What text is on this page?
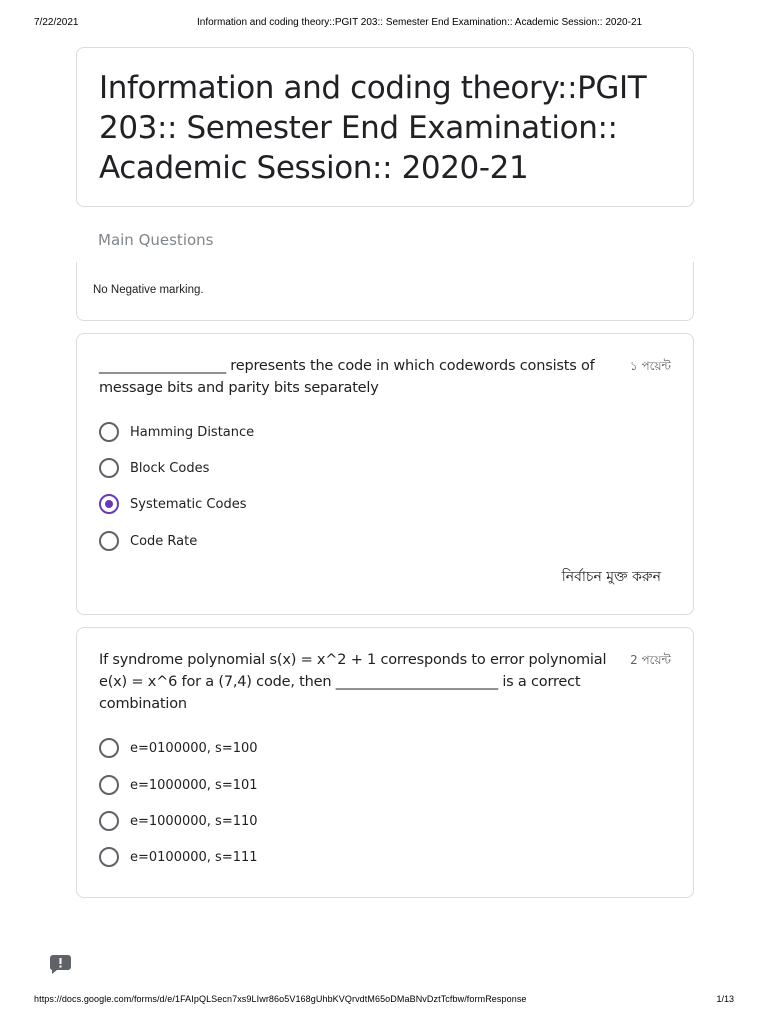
7/22/2021	Information and coding theory::PGIT 203:: Semester End Examination:: Academic Session:: 2020-21
Information and coding theory::PGIT 203:: Semester End Examination:: Academic Session:: 2020-21
Main Questions
No Negative marking.
__________________ represents the code in which codewords consists of message bits and parity bits separately
১ পয়েন্ট
Hamming Distance
Block Codes
Systematic Codes
Code Rate
নির্বাচন মুক্ত করুন
If syndrome polynomial s(x) = x^2 + 1 corresponds to error polynomial e(x) = x^6 for a (7,4) code, then _______________________ is a correct combination
2 পয়েন্ট
e=0100000, s=100
e=1000000, s=101
e=1000000, s=110
e=0100000, s=111
https://docs.google.com/forms/d/e/1FAIpQLSecn7xs9LIwr86o5V168gUhbKVQrvdtM65oDMaBNvDztTcfbw/formResponse	1/13
